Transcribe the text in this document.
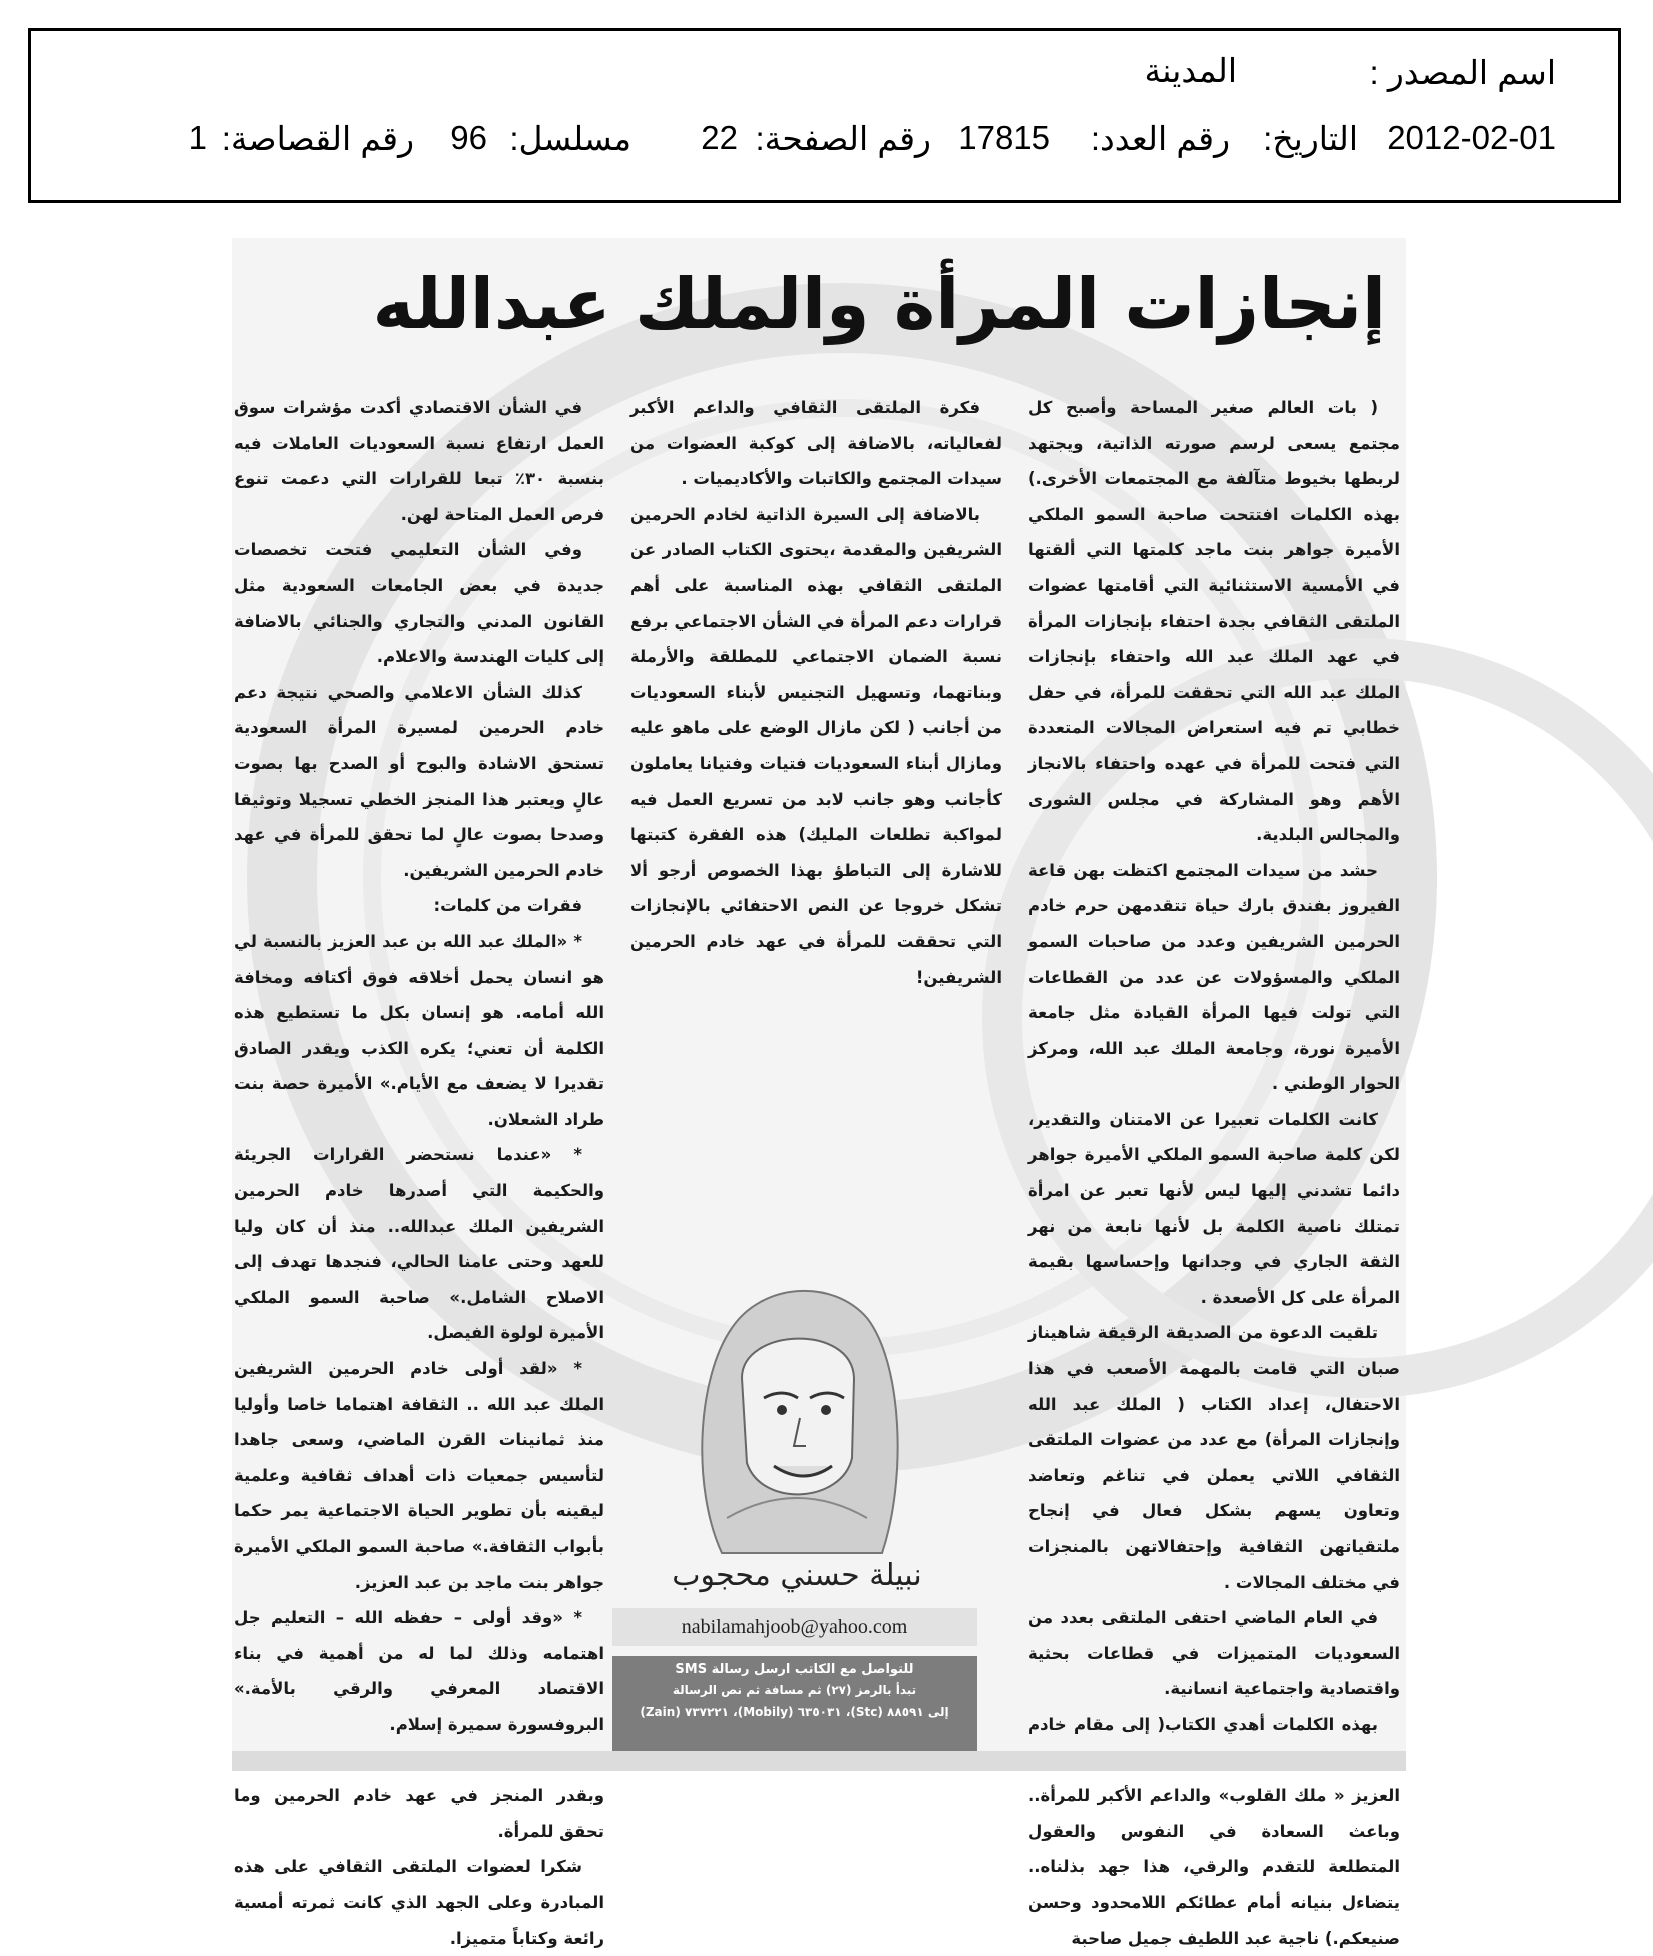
اسم المصدر :
المدينة
التاريخ: 2012-02-01
رقم العدد:
17815
رقم الصفحة:
22
مسلسل:
96
رقم القصاصة:
1
إنجازات المرأة والملك عبدالله

( بات العالم صغير المساحة وأصبح كل مجتمع يسعى لرسم صورته الذاتية، ويجتهد لربطها بخيوط متآلفة مع المجتمعات الأخرى.) بهذه الكلمات افتتحت صاحبة السمو الملكي الأميرة جواهر بنت ماجد كلمتها التي ألقتها في الأمسية الاستثنائية التي أقامتها عضوات الملتقى الثقافي بجدة احتفاء بإنجازات المرأة في عهد الملك عبد الله واحتفاء بإنجازات الملك عبد الله التي تحققت للمرأة، في حفل خطابي تم فيه استعراض المجالات المتعددة التي فتحت للمرأة في عهده واحتفاء بالانجاز الأهم وهو المشاركة في مجلس الشورى والمجالس البلدية.

حشد من سيدات المجتمع اكتظت بهن قاعة الفيروز بفندق بارك حياة تتقدمهن حرم خادم الحرمين الشريفين وعدد من صاحبات السمو الملكي والمسؤولات عن عدد من القطاعات التي تولت فيها المرأة القيادة مثل جامعة الأميرة نورة، وجامعة الملك عبد الله، ومركز الحوار الوطني .

كانت الكلمات تعبيرا عن الامتنان والتقدير، لكن كلمة صاحبة السمو الملكي الأميرة جواهر دائما تشدني إليها ليس لأنها تعبر عن امرأة تمتلك ناصية الكلمة بل لأنها نابعة من نهر الثقة الجاري في وجدانها وإحساسها بقيمة المرأة على كل الأصعدة .

تلقيت الدعوة من الصديقة الرقيقة شاهيناز صبان التي قامت بالمهمة الأصعب في هذا الاحتفال، إعداد الكتاب ( الملك عبد الله وإنجازات المرأة) مع عدد من عضوات الملتقى الثقافي اللاتي يعملن في تناغم وتعاضد وتعاون يسهم بشكل فعال في إنجاح ملتقياتهن الثقافية وإحتفالاتهن بالمنجزات في مختلف المجالات .

في العام الماضي احتفى الملتقى بعدد من السعوديات المتميزات في قطاعات بحثية واقتصادية واجتماعية انسانية.

بهذه الكلمات أهدي الكتاب( إلى مقام خادم العزيز « ملك القلوب» والداعم الأكبر للمرأة.. وباعث السعادة في النفوس والعقول المتطلعة للتقدم والرقي، هذا جهد بذلناه.. يتضاءل بنيانه أمام عطائكم اللامحدود وحسن صنيعكم.) ناجية عبد اللطيف جميل صاحبة

فكرة الملتقى الثقافي والداعم الأكبر لفعالياته، بالاضافة إلى كوكبة العضوات من سيدات المجتمع والكاتبات والأكاديميات .

بالاضافة إلى السيرة الذاتية لخادم الحرمين الشريفين والمقدمة ،يحتوى الكتاب الصادر عن الملتقى الثقافي بهذه المناسبة على أهم قرارات دعم المرأة في الشأن الاجتماعي برفع نسبة الضمان الاجتماعي للمطلقة والأرملة وبناتهما، وتسهيل التجنيس لأبناء السعوديات من أجانب ( لكن مازال الوضع على ماهو عليه ومازال أبناء السعوديات فتيات وفتيانا يعاملون كأجانب وهو جانب لابد من تسريع العمل فيه لمواكبة تطلعات المليك) هذه الفقرة كتبتها للاشارة إلى التباطؤ بهذا الخصوص أرجو ألا تشكل خروجا عن النص الاحتفائي بالإنجازات التي تحققت للمرأة في عهد خادم الحرمين الشريفين!

في الشأن الاقتصادي أكدت مؤشرات سوق العمل ارتفاع نسبة السعوديات العاملات فيه بنسبة ٣٠٪ تبعا للقرارات التي دعمت تنوع فرص العمل المتاحة لهن.

وفي الشأن التعليمي فتحت تخصصات جديدة في بعض الجامعات السعودية مثل القانون المدني والتجاري والجنائي بالاضافة إلى كليات الهندسة والاعلام.

كذلك الشأن الاعلامي والصحي نتيجة دعم خادم الحرمين لمسيرة المرأة السعودية تستحق الاشادة والبوح أو الصدح بها بصوت عالٍ ويعتبر هذا المنجز الخطي تسجيلا وتوثيقا وصدحا بصوت عالٍ لما تحقق للمرأة في عهد خادم الحرمين الشريفين.

فقرات من كلمات:

* «الملك عبد الله بن عبد العزيز بالنسبة لي هو انسان يحمل أخلاقه فوق أكتافه ومخافة الله أمامه. هو إنسان بكل ما تستطيع هذه الكلمة أن تعني؛ يكره الكذب ويقدر الصادق تقديرا لا يضعف مع الأيام.» الأميرة حصة بنت طراد الشعلان.

* «عندما نستحضر القرارات الجريئة والحكيمة التي أصدرها خادم الحرمين الشريفين الملك عبدالله.. منذ أن كان وليا للعهد وحتى عامنا الحالي، فنجدها تهدف إلى الاصلاح الشامل.» صاحبة السمو الملكي الأميرة لولوة الفيصل.

* «لقد أولى خادم الحرمين الشريفين الملك عبد الله .. الثقافة اهتماما خاصا وأوليا منذ ثمانينات القرن الماضي، وسعى جاهدا لتأسيس جمعيات ذات أهداف ثقافية وعلمية ليقينه بأن تطوير الحياة الاجتماعية يمر حكما بأبواب الثقافة.» صاحبة السمو الملكي الأميرة جواهر بنت ماجد بن عبد العزيز.

* «وقد أولى – حفظه الله – التعليم جل اهتمامه وذلك لما له من أهمية في بناء الاقتصاد المعرفي والرقي بالأمة.» البروفسورة سميرة إسلام.

وبقدر المنجز في عهد خادم الحرمين وما تحقق للمرأة.

شكرا لعضوات الملتقى الثقافي على هذه المبادرة وعلى الجهد الذي كانت ثمرته أمسية رائعة وكتاباً متميزا.

نبيلة حسني محجوب
nabilamahjoob@yahoo.com
للتواصل مع الكاتب ارسل رسالة SMS
تبدأ بالرمز (٢٧) ثم مسافة ثم نص الرسالة
إلى ٨٨٥٩١ (Stc)، ٦٣٥٠٣١ (Mobily)، ٧٣٧٢٢١ (Zain)
